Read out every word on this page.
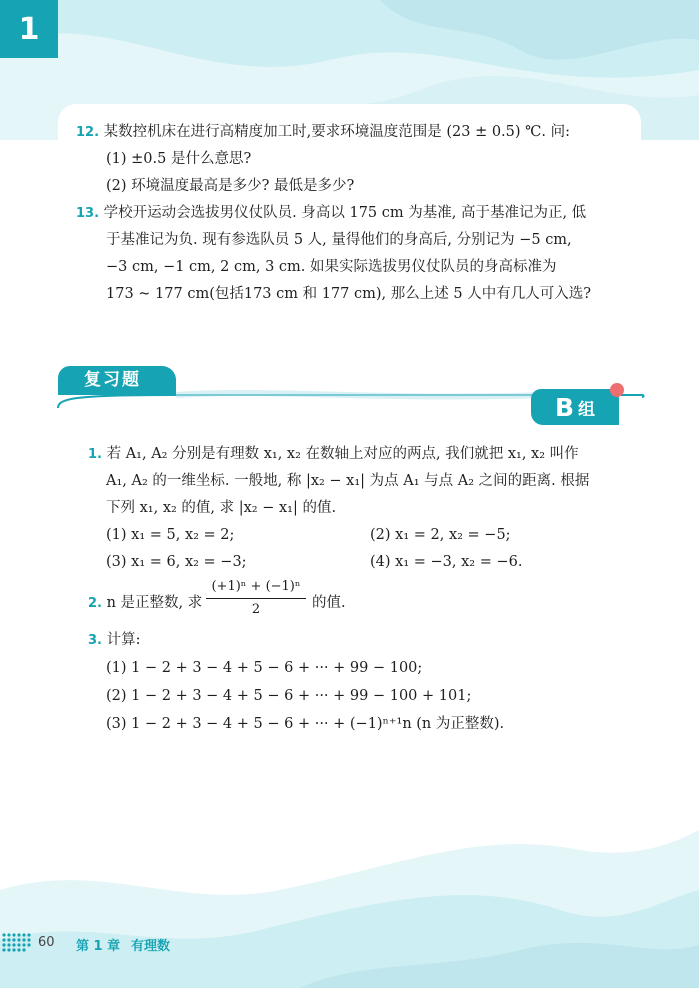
1
12. 某数控机床在进行高精度加工时,要求环境温度范围是 (23 ± 0.5) ℃. 问:
(1) ±0.5 是什么意思?
(2) 环境温度最高是多少? 最低是多少?
13. 学校开运动会选拔男仪仗队员. 身高以 175 cm 为基准, 高于基准记为正, 低
于基准记为负. 现有参选队员 5 人, 量得他们的身高后, 分别记为 −5 cm,
−3 cm, −1 cm, 2 cm, 3 cm. 如果实际选拔男仪仗队员的身高标准为
173 ~ 177 cm(包括173 cm 和 177 cm), 那么上述 5 人中有几人可入选?
复习题
B 组
1. 若 A₁, A₂ 分别是有理数 x₁, x₂ 在数轴上对应的两点, 我们就把 x₁, x₂ 叫作
A₁, A₂ 的一维坐标. 一般地, 称 |x₂ − x₁| 为点 A₁ 与点 A₂ 之间的距离. 根据
下列 x₁, x₂ 的值, 求 |x₂ − x₁| 的值.
(1) x₁ = 5, x₂ = 2;	(2) x₁ = 2, x₂ = −5;
(3) x₁ = 6, x₂ = −3;	(4) x₁ = −3, x₂ = −6.
2. n 是正整数, 求
(+1)ⁿ + (−1)ⁿ
2	的值.
3. 计算:
(1) 1 − 2 + 3 − 4 + 5 − 6 + ··· + 99 − 100;
(2) 1 − 2 + 3 − 4 + 5 − 6 + ··· + 99 − 100 + 101;
(3) 1 − 2 + 3 − 4 + 5 − 6 + ··· + (−1)ⁿ⁺¹n (n 为正整数).
60 第 1 章 有理数
